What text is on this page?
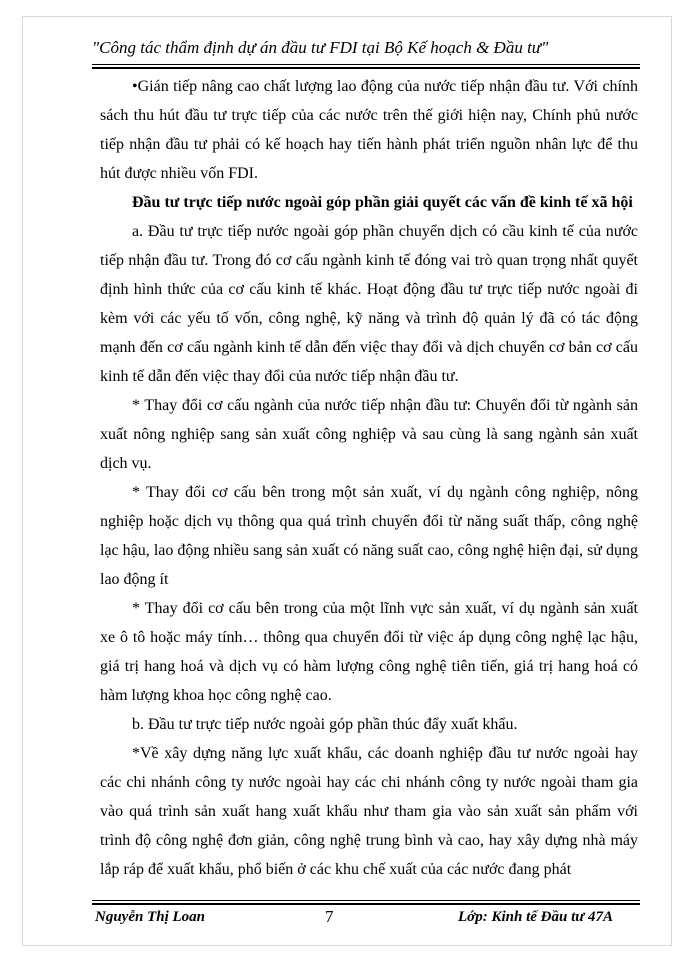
"Công tác thẩm định dự án đầu tư FDI tại Bộ Kế hoạch & Đầu tư"

•Gián tiếp nâng cao chất lượng lao động của nước tiếp nhận đầu tư. Với chính sách thu hút đầu tư trực tiếp của các nước trên thế giới hiện nay, Chính phủ nước tiếp nhận đầu tư phải có kế hoạch hay tiến hành phát triển nguồn nhân lực để thu hút được nhiều vốn FDI.

Đầu tư trực tiếp nước ngoài góp phần giải quyết các vấn đề kinh tế xã hội

a. Đầu tư trực tiếp nước ngoài góp phần chuyển dịch có cầu kinh tế của nước tiếp nhận đầu tư. Trong đó cơ cấu ngành kinh tế đóng vai trò quan trọng nhất quyết định hình thức của cơ cấu kinh tế khác. Hoạt động đầu tư trực tiếp nước ngoài đi kèm với các yếu tố vốn, công nghệ, kỹ năng và trình độ quản lý đã có tác động mạnh đến cơ cấu ngành kinh tế dẫn đến việc thay đổi và dịch chuyển cơ bản cơ cấu kinh tế dẫn đến việc thay đổi của nước tiếp nhận đầu tư.

* Thay đổi cơ cấu ngành của nước tiếp nhận đầu tư: Chuyển đổi từ ngành sản xuất nông nghiệp sang sản xuất công nghiệp và sau cùng là sang ngành sản xuất dịch vụ.

* Thay đổi cơ cấu bên trong một sản xuất, ví dụ ngành công nghiệp, nông nghiệp hoặc dịch vụ thông qua quá trình chuyển đổi từ năng suất thấp, công nghệ lạc hậu, lao động nhiều sang sản xuất có năng suất cao, công nghệ hiện đại, sử dụng lao động ít

* Thay đổi cơ cấu bên trong của một lĩnh vực sản xuất, ví dụ ngành sản xuất xe ô tô hoặc máy tính… thông qua chuyển đổi từ việc áp dụng công nghệ lạc hậu, giá trị hang hoá và dịch vụ có hàm lượng công nghệ tiên tiến, giá trị hang hoá có hàm lượng khoa học công nghệ cao.

b. Đầu tư trực tiếp nước ngoài góp phần thúc đẩy xuất khẩu.

*Về xây dựng năng lực xuất khẩu, các doanh nghiệp đầu tư nước ngoài hay các chi nhánh công ty nước ngoài hay các chi nhánh công ty nước ngoài tham gia vào quá trình sản xuất hang xuất khẩu như tham gia vào sản xuất sản phẩm với trình độ công nghệ đơn giản, công nghệ trung bình và cao, hay xây dựng nhà máy lắp ráp để xuất khẩu, phổ biến ở các khu chế xuất của các nước đang phát

Nguyễn Thị Loan	7	Lớp: Kinh tế Đầu tư 47A
